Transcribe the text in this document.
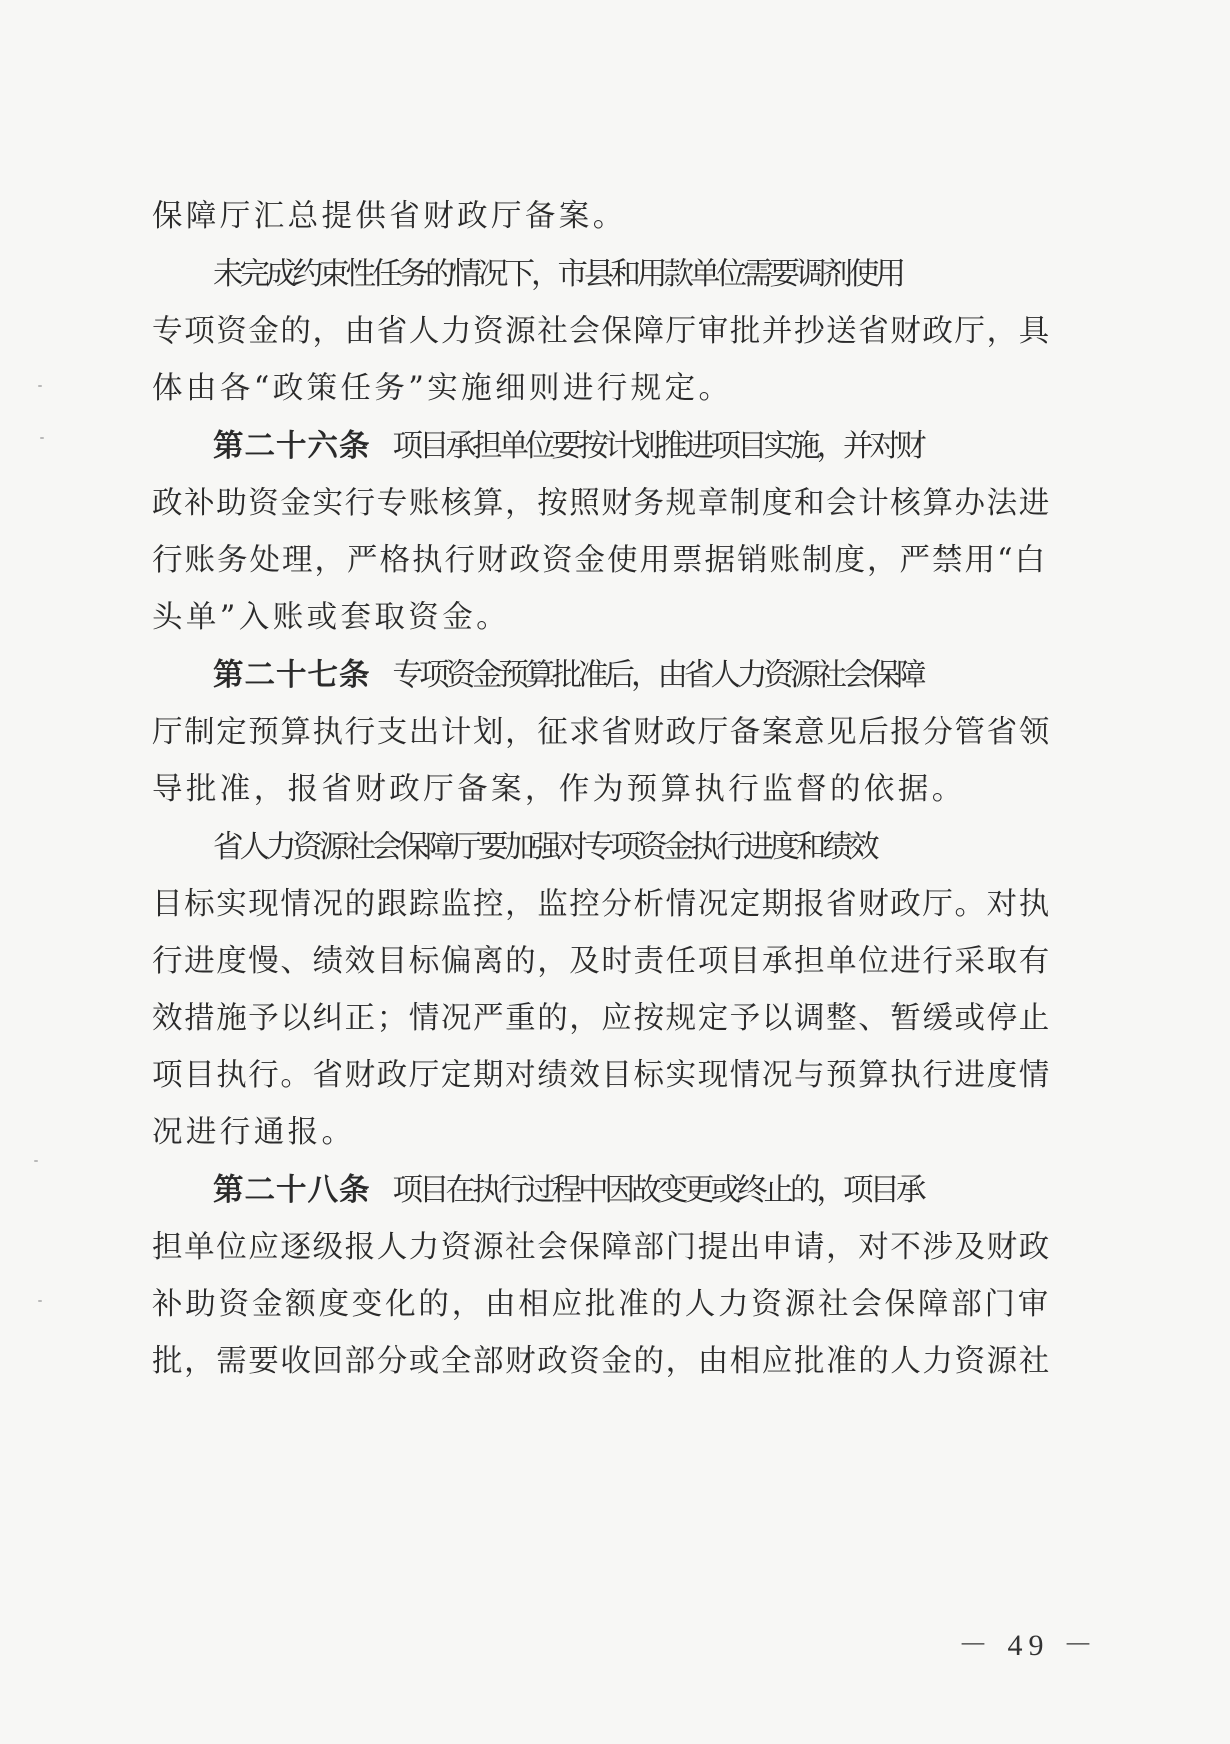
保障厅汇总提供省财政厅备案。
未完成约束性任务的情况下，市县和用款单位需要调剂使用
专项资金的，由省人力资源社会保障厅审批并抄送省财政厅，具
体由各“政策任务”实施细则进行规定。
第二十六条 项目承担单位要按计划推进项目实施，并对财
政补助资金实行专账核算，按照财务规章制度和会计核算办法进
行账务处理，严格执行财政资金使用票据销账制度，严禁用“白
头单”入账或套取资金。
第二十七条 专项资金预算批准后，由省人力资源社会保障
厅制定预算执行支出计划，征求省财政厅备案意见后报分管省领
导批准，报省财政厅备案，作为预算执行监督的依据。
省人力资源社会保障厅要加强对专项资金执行进度和绩效
目标实现情况的跟踪监控，监控分析情况定期报省财政厅。对执
行进度慢、绩效目标偏离的，及时责任项目承担单位进行采取有
效措施予以纠正；情况严重的，应按规定予以调整、暂缓或停止
项目执行。省财政厅定期对绩效目标实现情况与预算执行进度情
况进行通报。
第二十八条 项目在执行过程中因故变更或终止的，项目承
担单位应逐级报人力资源社会保障部门提出申请，对不涉及财政
补助资金额度变化的，由相应批准的人力资源社会保障部门审
批，需要收回部分或全部财政资金的，由相应批准的人力资源社
－ 49 －
